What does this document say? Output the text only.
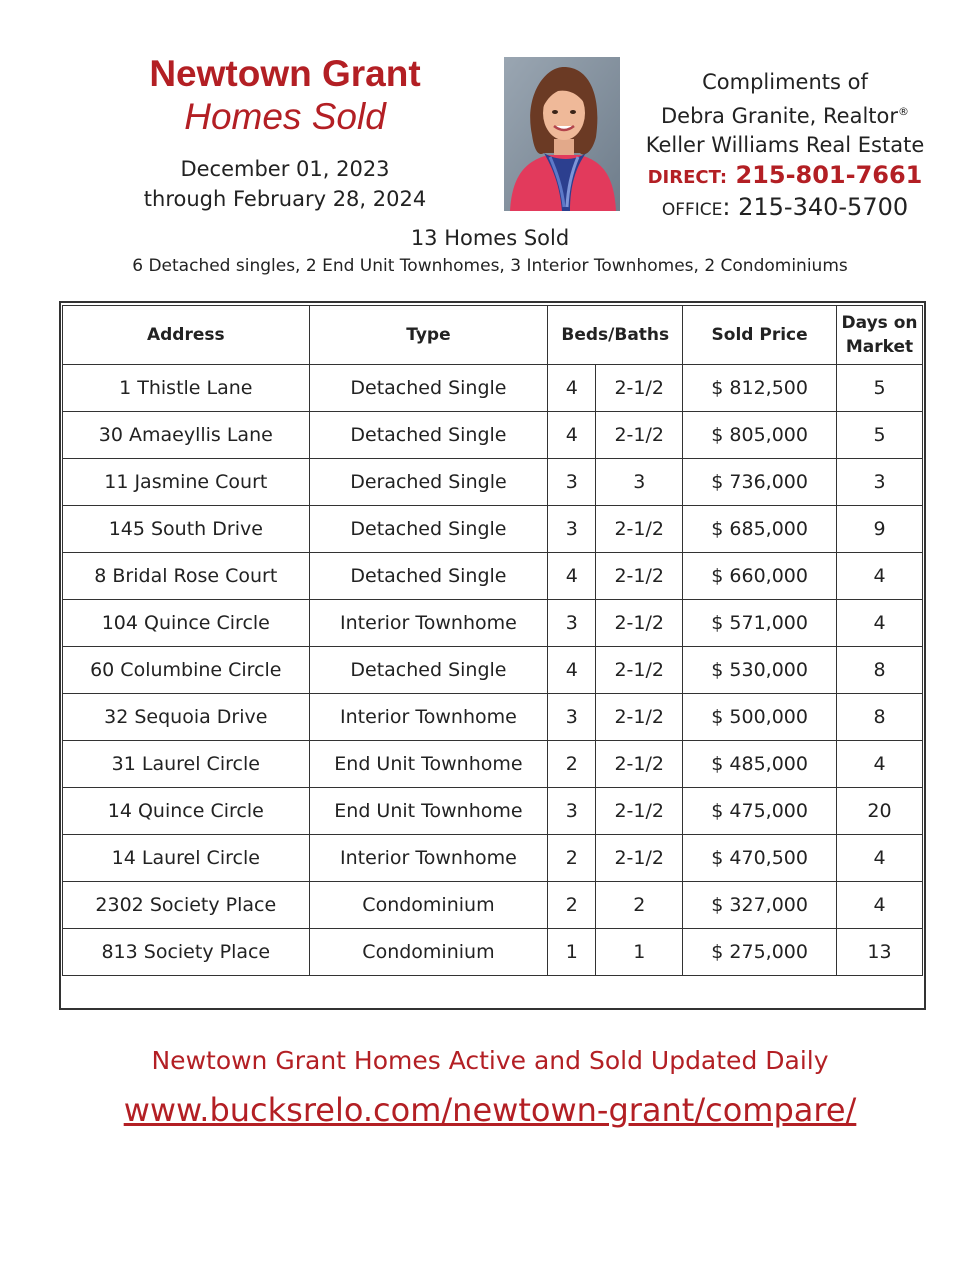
Newtown Grant
Homes Sold
December 01, 2023
through February 28, 2024
Compliments of
Debra Granite, Realtor®
Keller Williams Real Estate
DIRECT: 215-801-7661
OFFICE: 215-340-5700
13 Homes Sold
6 Detached singles, 2 End Unit Townhomes, 3 Interior Townhomes, 2 Condominiums
Address	Type	Beds/Baths		Sold Price	Days on
Market

1 Thistle Lane	Detached Single	4	2-1/2	$ 812,500	5
30 Amaeyllis Lane	Detached Single	4	2-1/2	$ 805,000	5
11 Jasmine Court	Derached Single	3	3	$ 736,000	3
145 South Drive	Detached Single	3	2-1/2	$ 685,000	9
8 Bridal Rose Court	Detached Single	4	2-1/2	$ 660,000	4
104 Quince Circle	Interior Townhome	3	2-1/2	$ 571,000	4
60 Columbine Circle	Detached Single	4	2-1/2	$ 530,000	8
32 Sequoia Drive	Interior Townhome	3	2-1/2	$ 500,000	8
31 Laurel Circle	End Unit Townhome	2	2-1/2	$ 485,000	4
14 Quince Circle	End Unit Townhome	3	2-1/2	$ 475,000	20
14 Laurel Circle	Interior Townhome	2	2-1/2	$ 470,500	4
2302 Society Place	Condominium	2	2	$ 327,000	4
813 Society Place	Condominium	1	1	$ 275,000	13
Newtown Grant Homes Active and Sold Updated Daily
www.bucksrelo.com/newtown-grant/compare/
